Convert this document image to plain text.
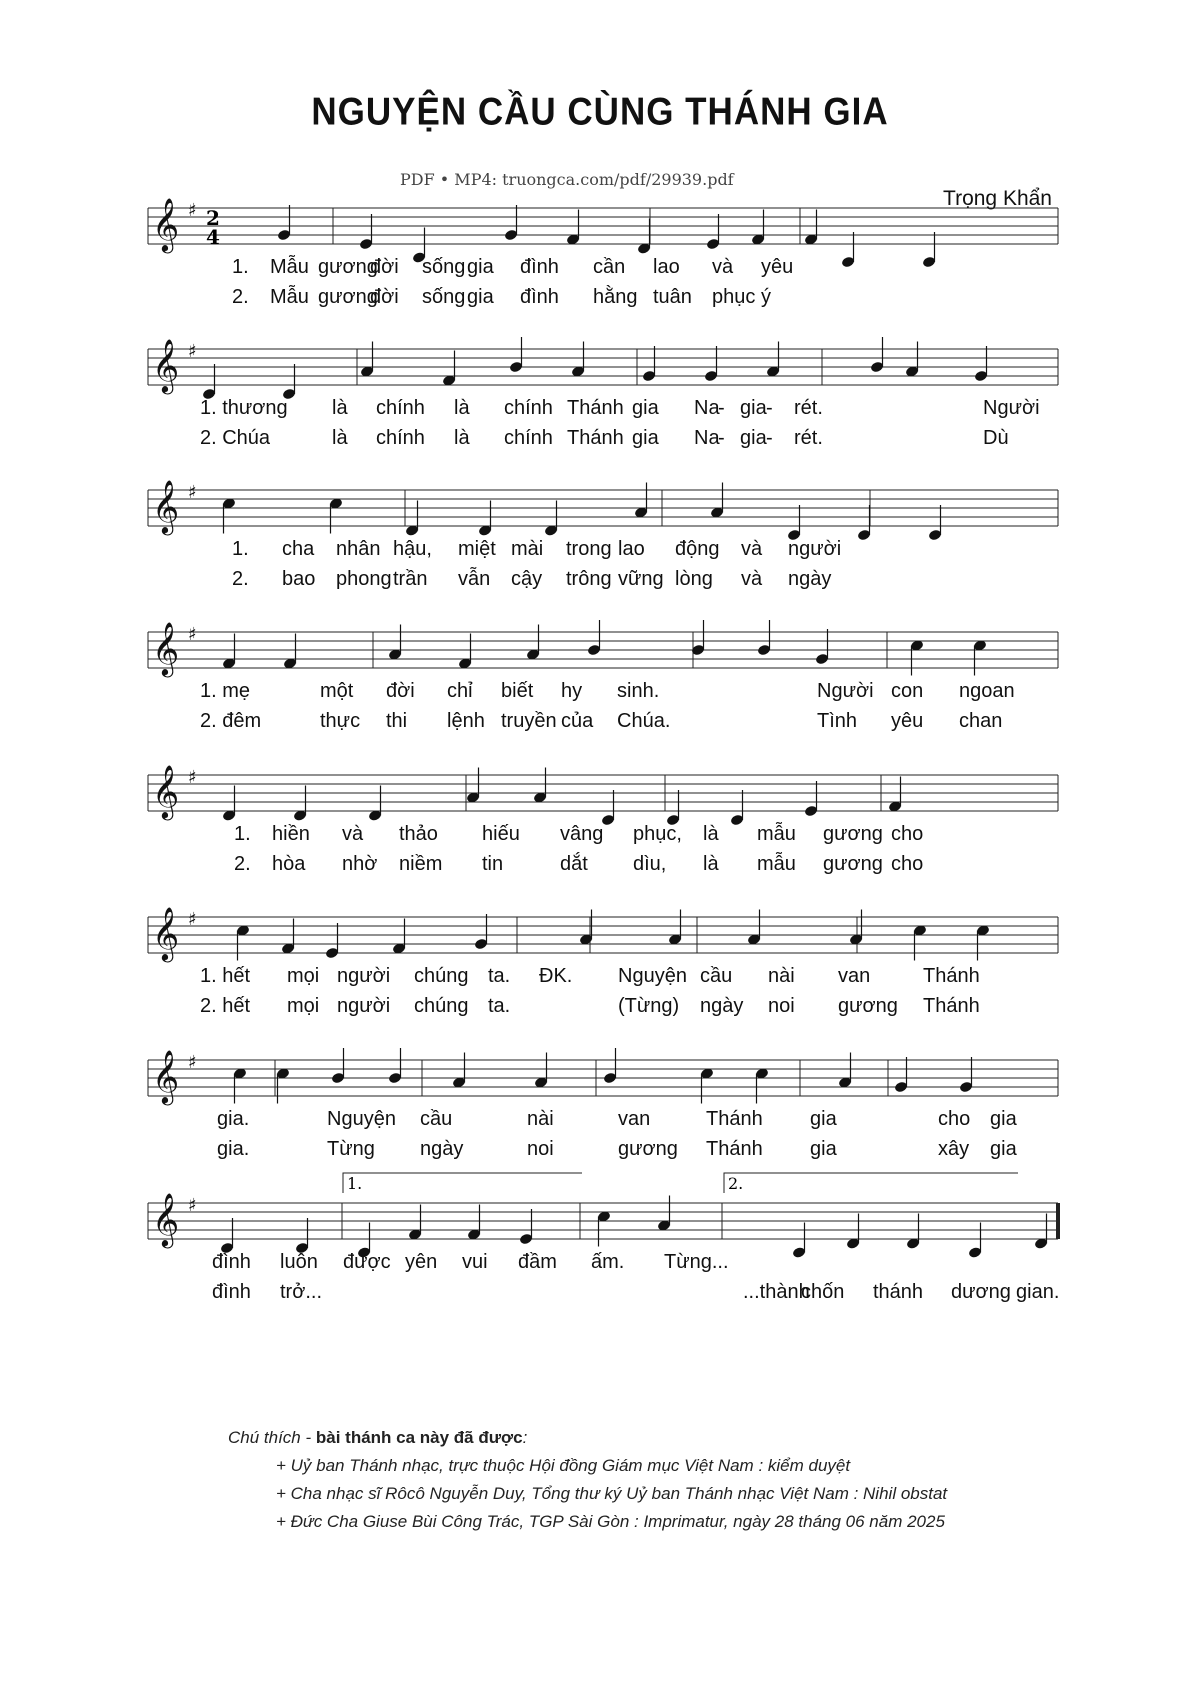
NGUYỆN CẦU CÙNG THÁNH GIA
PDF • MP4: truongca.com/pdf/29939.pdf
Trọng Khẩn
𝄞 ♯ 2
4
1. Mẫu gương
đời sống gia đình cần lao và yêu
2. Mẫu gương
đời sống gia đình hằng tuân phục ý
𝄞 ♯
1. thương là chính là chính Thánh gia Na
- gia - rét.	Người
2. Chúa	là chính là chính Thánh gia Na
- gia - rét.	Dù
𝄞 ♯
1. cha nhân hậu, miệt mài trong lao động và người
2. bao phong trần vẫn cậy trông vững lòng và ngày
𝄞 ♯
1. mẹ	một đời chỉ biết hy sinh.	Người con ngoan
2. đêm	thực thi lệnh truyền của Chúa.	Tình yêu chan
𝄞 ♯
1. hiền và thảo hiếu vâng phục, là mẫu gương cho
2. hòa nhờ niềm tin	dắt dìu, là mẫu gương cho
𝄞 ♯
1. hết mọi người chúng ta. ĐK. Nguyện cầu nài van	Thánh
2. hết mọi người chúng ta.	(Từng) ngày noi gương Thánh
𝄞 ♯
gia.	Nguyện cầu	nài	van	Thánh gia	cho gia
gia.	Từng ngày	noi	gương Thánh gia	xây gia
𝄞 ♯
1.	2.
đình luôn được yên vui đầm ấm. Từng...
đình trở...	...thành
chốn thánh dương gian.

Chú thích - bài thánh ca này đã được:

+ Uỷ ban Thánh nhạc, trực thuộc Hội đồng Giám mục Việt Nam : kiểm duyệt

+ Cha nhạc sĩ Rôcô Nguyễn Duy, Tổng thư ký Uỷ ban Thánh nhạc Việt Nam : Nihil obstat

+ Đức Cha Giuse Bùi Công Trác, TGP Sài Gòn : Imprimatur, ngày 28 tháng 06 năm 2025
